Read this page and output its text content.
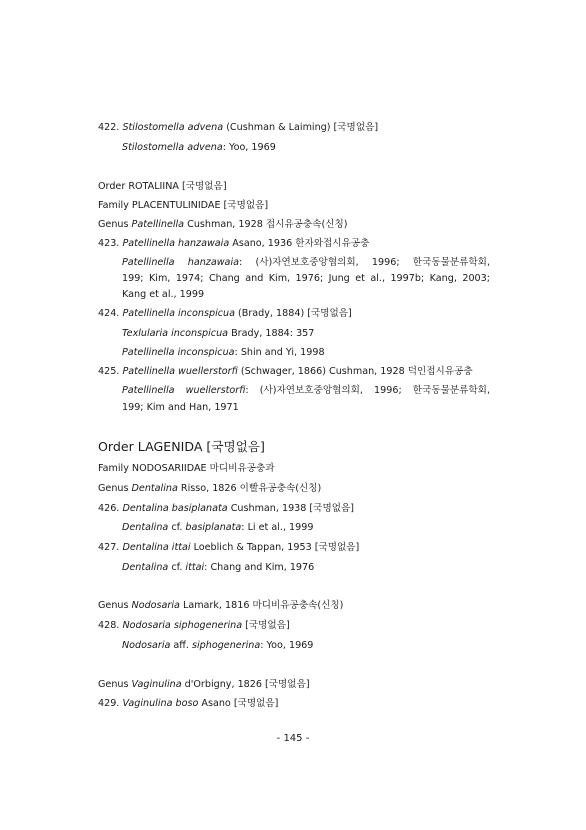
422. Stilostomella advena (Cushman & Laiming) [국명없음]
Stilostomella advena: Yoo, 1969
Order ROTALIINA [국명없음]
Family PLACENTULINIDAE [국명없음]
Genus Patellinella Cushman, 1928 접시유공충속(신칭)
423. Patellinella hanzawaia Asano, 1936 한자와접시유공충
Patellinella hanzawaia: (사)자연보호중앙협의회, 1996; 한국동물분류학회,
199; Kim, 1974; Chang and Kim, 1976; Jung et al., 1997b; Kang, 2003;
Kang et al., 1999
424. Patellinella inconspicua (Brady, 1884) [국명없음]
Texlularia inconspicua Brady, 1884: 357
Patellinella inconspicua: Shin and Yi, 1998
425. Patellinella wuellerstorfi (Schwager, 1866) Cushman, 1928 덕인접시유공충
Patellinella wuellerstorfi: (사)자연보호중앙협의회, 1996; 한국동물분류학회,
199; Kim and Han, 1971
Order LAGENIDA [국명없음]
Family NODOSARIIDAE 마디비유공충과
Genus Dentalina Risso, 1826 이빨유공충속(신칭)
426. Dentalina basiplanata Cushman, 1938 [국명없음]
Dentalina cf. basiplanata: Li et al., 1999
427. Dentalina ittai Loeblich & Tappan, 1953 [국명없음]
Dentalina cf. ittai: Chang and Kim, 1976
Genus Nodosaria Lamark, 1816 마디비유공충속(신칭)
428. Nodosaria siphogenerina [국명없음]
Nodosaria aff. siphogenerina: Yoo, 1969
Genus Vaginulina d'Orbigny, 1826 [국명없음]
429. Vaginulina boso Asano [국명없음]
- 145 -
